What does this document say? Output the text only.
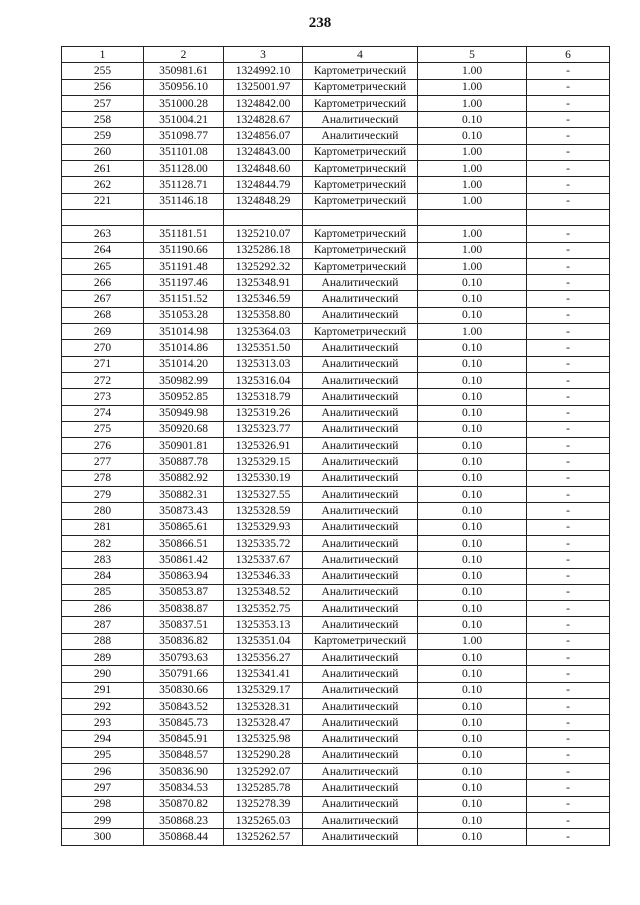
238
1	2	3	4	5	6
255	350981.61	1324992.10	Картометрический	1.00	-
256	350956.10	1325001.97	Картометрический	1.00	-
257	351000.28	1324842.00	Картометрический	1.00	-
258	351004.21	1324828.67	Аналитический	0.10	-
259	351098.77	1324856.07	Аналитический	0.10	-
260	351101.08	1324843.00	Картометрический	1.00	-
261	351128.00	1324848.60	Картометрический	1.00	-
262	351128.71	1324844.79	Картометрический	1.00	-
221	351146.18	1324848.29	Картометрический	1.00	-

263	351181.51	1325210.07	Картометрический	1.00	-
264	351190.66	1325286.18	Картометрический	1.00	-
265	351191.48	1325292.32	Картометрический	1.00	-
266	351197.46	1325348.91	Аналитический	0.10	-
267	351151.52	1325346.59	Аналитический	0.10	-
268	351053.28	1325358.80	Аналитический	0.10	-
269	351014.98	1325364.03	Картометрический	1.00	-
270	351014.86	1325351.50	Аналитический	0.10	-
271	351014.20	1325313.03	Аналитический	0.10	-
272	350982.99	1325316.04	Аналитический	0.10	-
273	350952.85	1325318.79	Аналитический	0.10	-
274	350949.98	1325319.26	Аналитический	0.10	-
275	350920.68	1325323.77	Аналитический	0.10	-
276	350901.81	1325326.91	Аналитический	0.10	-
277	350887.78	1325329.15	Аналитический	0.10	-
278	350882.92	1325330.19	Аналитический	0.10	-
279	350882.31	1325327.55	Аналитический	0.10	-
280	350873.43	1325328.59	Аналитический	0.10	-
281	350865.61	1325329.93	Аналитический	0.10	-
282	350866.51	1325335.72	Аналитический	0.10	-
283	350861.42	1325337.67	Аналитический	0.10	-
284	350863.94	1325346.33	Аналитический	0.10	-
285	350853.87	1325348.52	Аналитический	0.10	-
286	350838.87	1325352.75	Аналитический	0.10	-
287	350837.51	1325353.13	Аналитический	0.10	-
288	350836.82	1325351.04	Картометрический	1.00	-
289	350793.63	1325356.27	Аналитический	0.10	-
290	350791.66	1325341.41	Аналитический	0.10	-
291	350830.66	1325329.17	Аналитический	0.10	-
292	350843.52	1325328.31	Аналитический	0.10	-
293	350845.73	1325328.47	Аналитический	0.10	-
294	350845.91	1325325.98	Аналитический	0.10	-
295	350848.57	1325290.28	Аналитический	0.10	-
296	350836.90	1325292.07	Аналитический	0.10	-
297	350834.53	1325285.78	Аналитический	0.10	-
298	350870.82	1325278.39	Аналитический	0.10	-
299	350868.23	1325265.03	Аналитический	0.10	-
300	350868.44	1325262.57	Аналитический	0.10	-
